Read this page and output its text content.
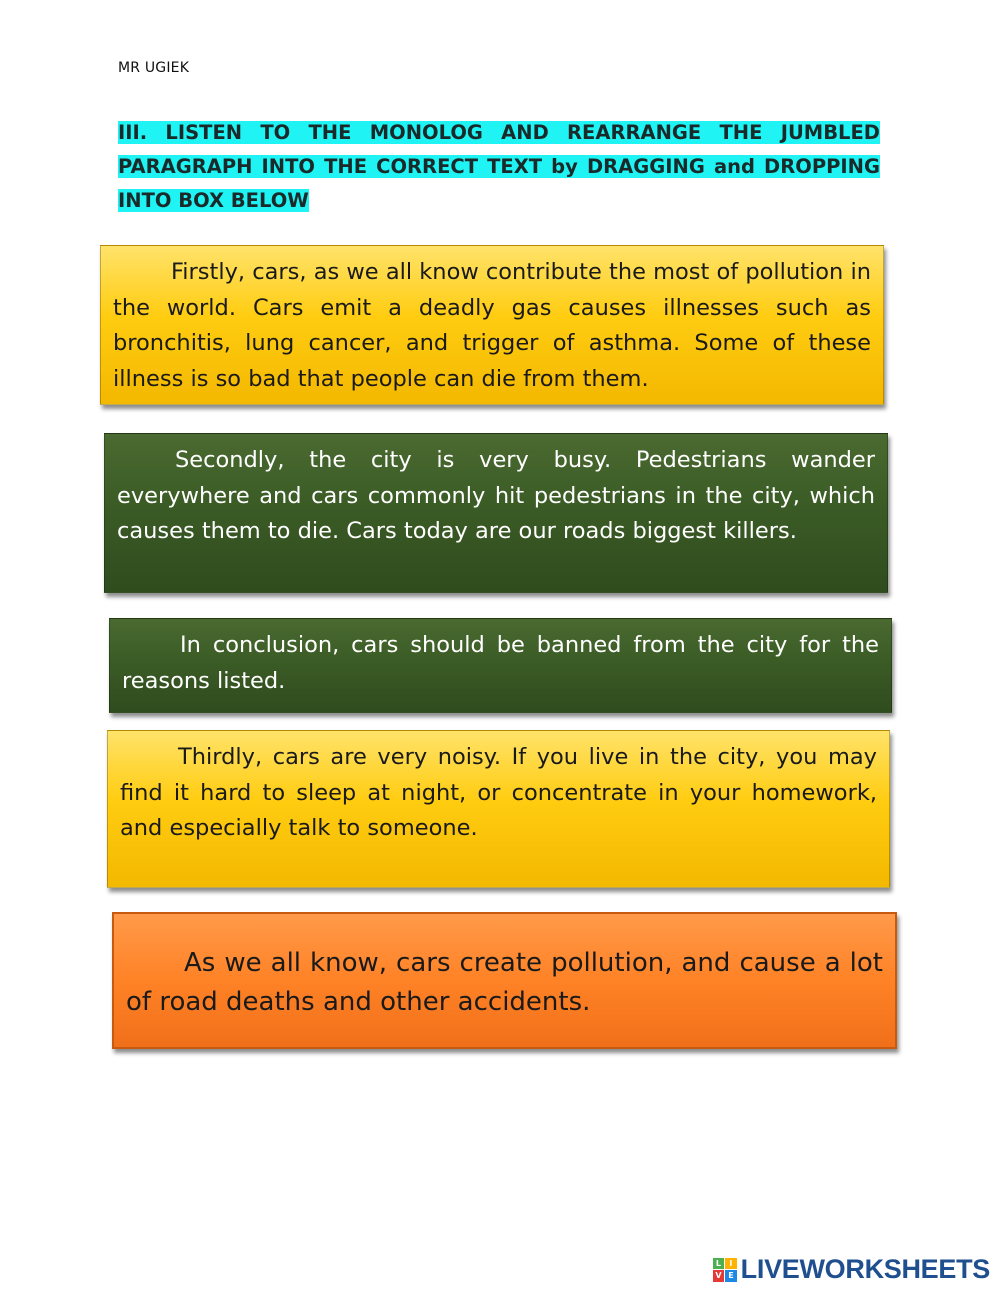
MR UGIEK
III. LISTEN TO THE MONOLOG AND REARRANGE THE JUMBLED PARAGRAPH INTO THE CORRECT TEXT by DRAGGING and DROPPING INTO BOX BELOW
Firstly, cars, as we all know contribute the most of pollution in the world. Cars emit a deadly gas causes illnesses such as bronchitis, lung cancer, and trigger of asthma. Some of these illness is so bad that people can die from them.
Secondly, the city is very busy. Pedestrians wander everywhere and cars commonly hit pedestrians in the city, which causes them to die. Cars today are our roads biggest killers.
In conclusion, cars should be banned from the city for the reasons listed.
Thirdly, cars are very noisy. If you live in the city, you may find it hard to sleep at night, or concentrate in your homework, and especially talk to someone.
As we all know, cars create pollution, and cause a lot of road deaths and other accidents.
L	I
V E LIVEWORKSHEETS
